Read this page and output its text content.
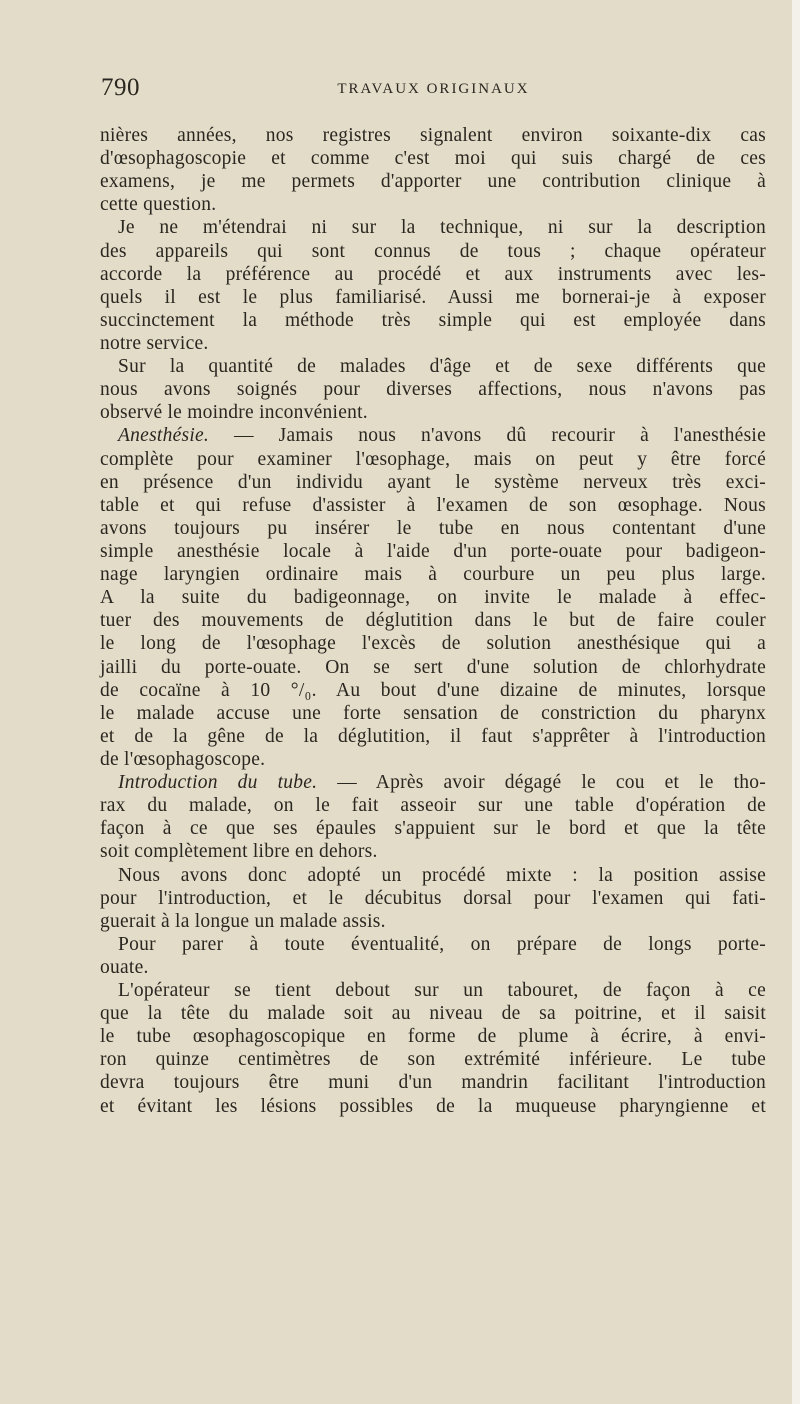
790	TRAVAUX ORIGINAUX
nières années, nos registres signalent environ soixante-dix cas
d'œsophagoscopie et comme c'est moi qui suis chargé de ces
examens, je me permets d'apporter une contribution clinique à
cette question.
Je ne m'étendrai ni sur la technique, ni sur la description
des appareils qui sont connus de tous ; chaque opérateur
accorde la préférence au procédé et aux instruments avec les-
quels il est le plus familiarisé. Aussi me bornerai-je à exposer
succinctement la méthode très simple qui est employée dans
notre service.
Sur la quantité de malades d'âge et de sexe différents que
nous avons soignés pour diverses affections, nous n'avons pas
observé le moindre inconvénient.
Anesthésie. — Jamais nous n'avons dû recourir à l'anesthésie
complète pour examiner l'œsophage, mais on peut y être forcé
en présence d'un individu ayant le système nerveux très exci-
table et qui refuse d'assister à l'examen de son œsophage. Nous
avons toujours pu insérer le tube en nous contentant d'une
simple anesthésie locale à l'aide d'un porte-ouate pour badigeon-
nage laryngien ordinaire mais à courbure un peu plus large.
A la suite du badigeonnage, on invite le malade à effec-
tuer des mouvements de déglutition dans le but de faire couler
le long de l'œsophage l'excès de solution anesthésique qui a
jailli du porte-ouate. On se sert d'une solution de chlorhydrate
de cocaïne à 10 °/₀. Au bout d'une dizaine de minutes, lorsque
le malade accuse une forte sensation de constriction du pharynx
et de la gêne de la déglutition, il faut s'apprêter à l'introduction
de l'œsophagoscope.
Introduction du tube. — Après avoir dégagé le cou et le tho-
rax du malade, on le fait asseoir sur une table d'opération de
façon à ce que ses épaules s'appuient sur le bord et que la tête
soit complètement libre en dehors.
Nous avons donc adopté un procédé mixte : la position assise
pour l'introduction, et le décubitus dorsal pour l'examen qui fati-
guerait à la longue un malade assis.
Pour parer à toute éventualité, on prépare de longs porte-
ouate.
L'opérateur se tient debout sur un tabouret, de façon à ce
que la tête du malade soit au niveau de sa poitrine, et il saisit
le tube œsophagoscopique en forme de plume à écrire, à envi-
ron quinze centimètres de son extrémité inférieure. Le tube
devra toujours être muni d'un mandrin facilitant l'introduction
et évitant les lésions possibles de la muqueuse pharyngienne et
